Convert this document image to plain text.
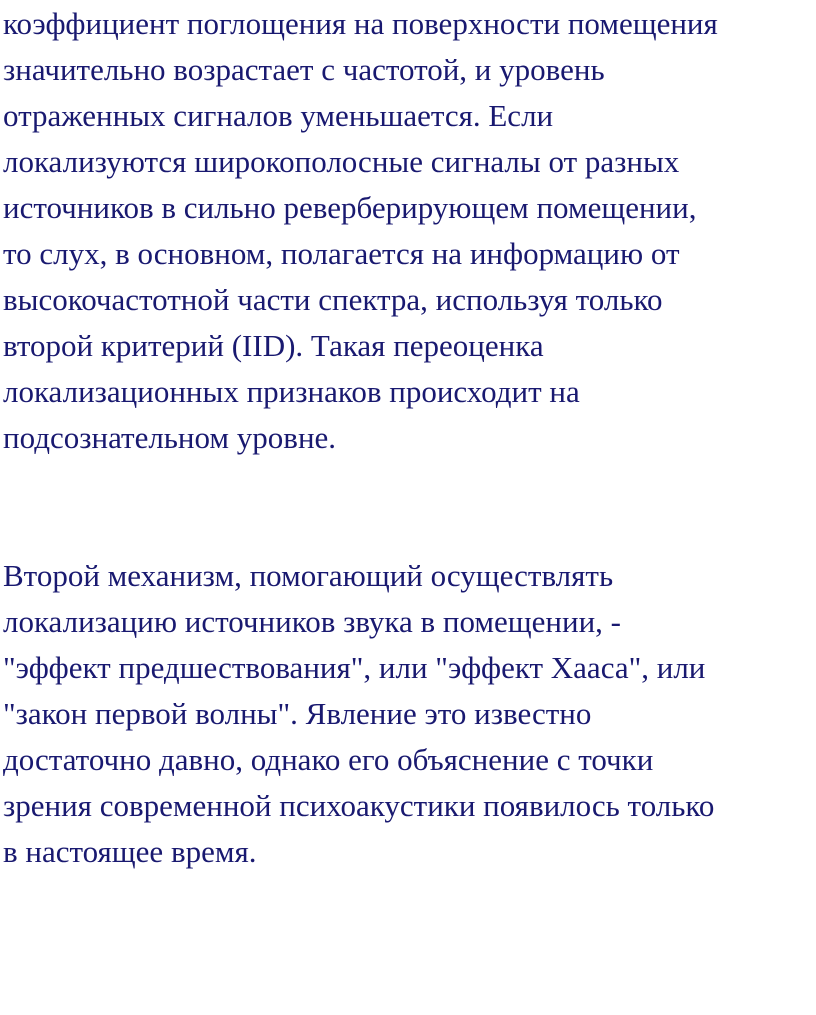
коэффициент поглощения на поверхности помещения

значительно возрастает с частотой, и уровень

отраженных сигналов уменьшается. Если

локализуются широкополосные сигналы от разных

источников в сильно реверберирующем помещении,

то слух, в основном, полагается на информацию от

высокочастотной части спектра, используя только

второй критерий (IID). Такая переоценка

локализационных признаков происходит на

подсознательном уровне.

Второй механизм, помогающий осуществлять

локализацию источников звука в помещении, -

"эффект предшествования", или "эффект Хааса", или

"закон первой волны". Явление это известно

достаточно давно, однако его объяснение с точки

зрения современной психоакустики появилось только

в настоящее время.
